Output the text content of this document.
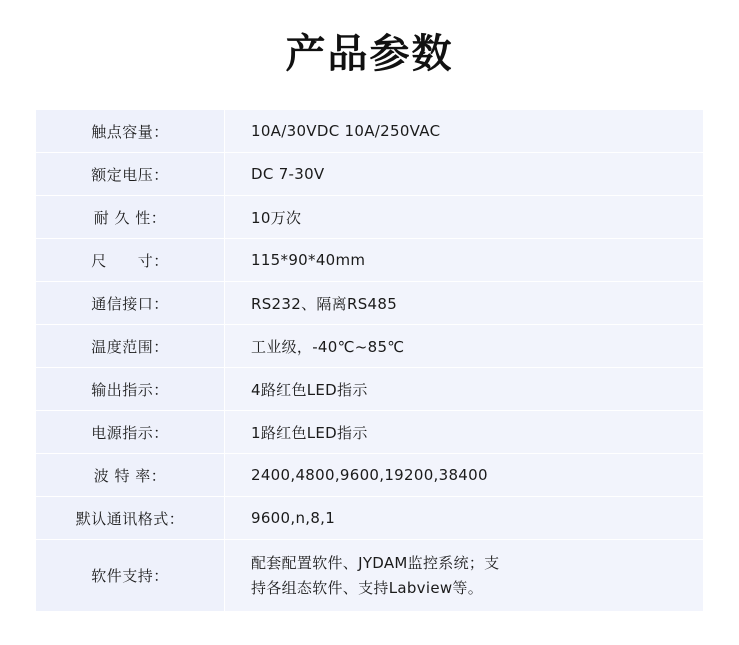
产品参数
触点容量：	10A/30VDC 10A/250VAC
额定电压：	DC 7-30V
耐 久 性：	10万次
尺　　寸：	115*90*40mm
通信接口：	RS232、隔离RS485
温度范围：	工业级，-40℃~85℃
输出指示：	4路红色LED指示
电源指示：	1路红色LED指示
波 特 率：	2400,4800,9600,19200,38400
默认通讯格式：	9600,n,8,1
软件支持：	配套配置软件、JYDAM监控系统；支
持各组态软件、支持Labview等。
